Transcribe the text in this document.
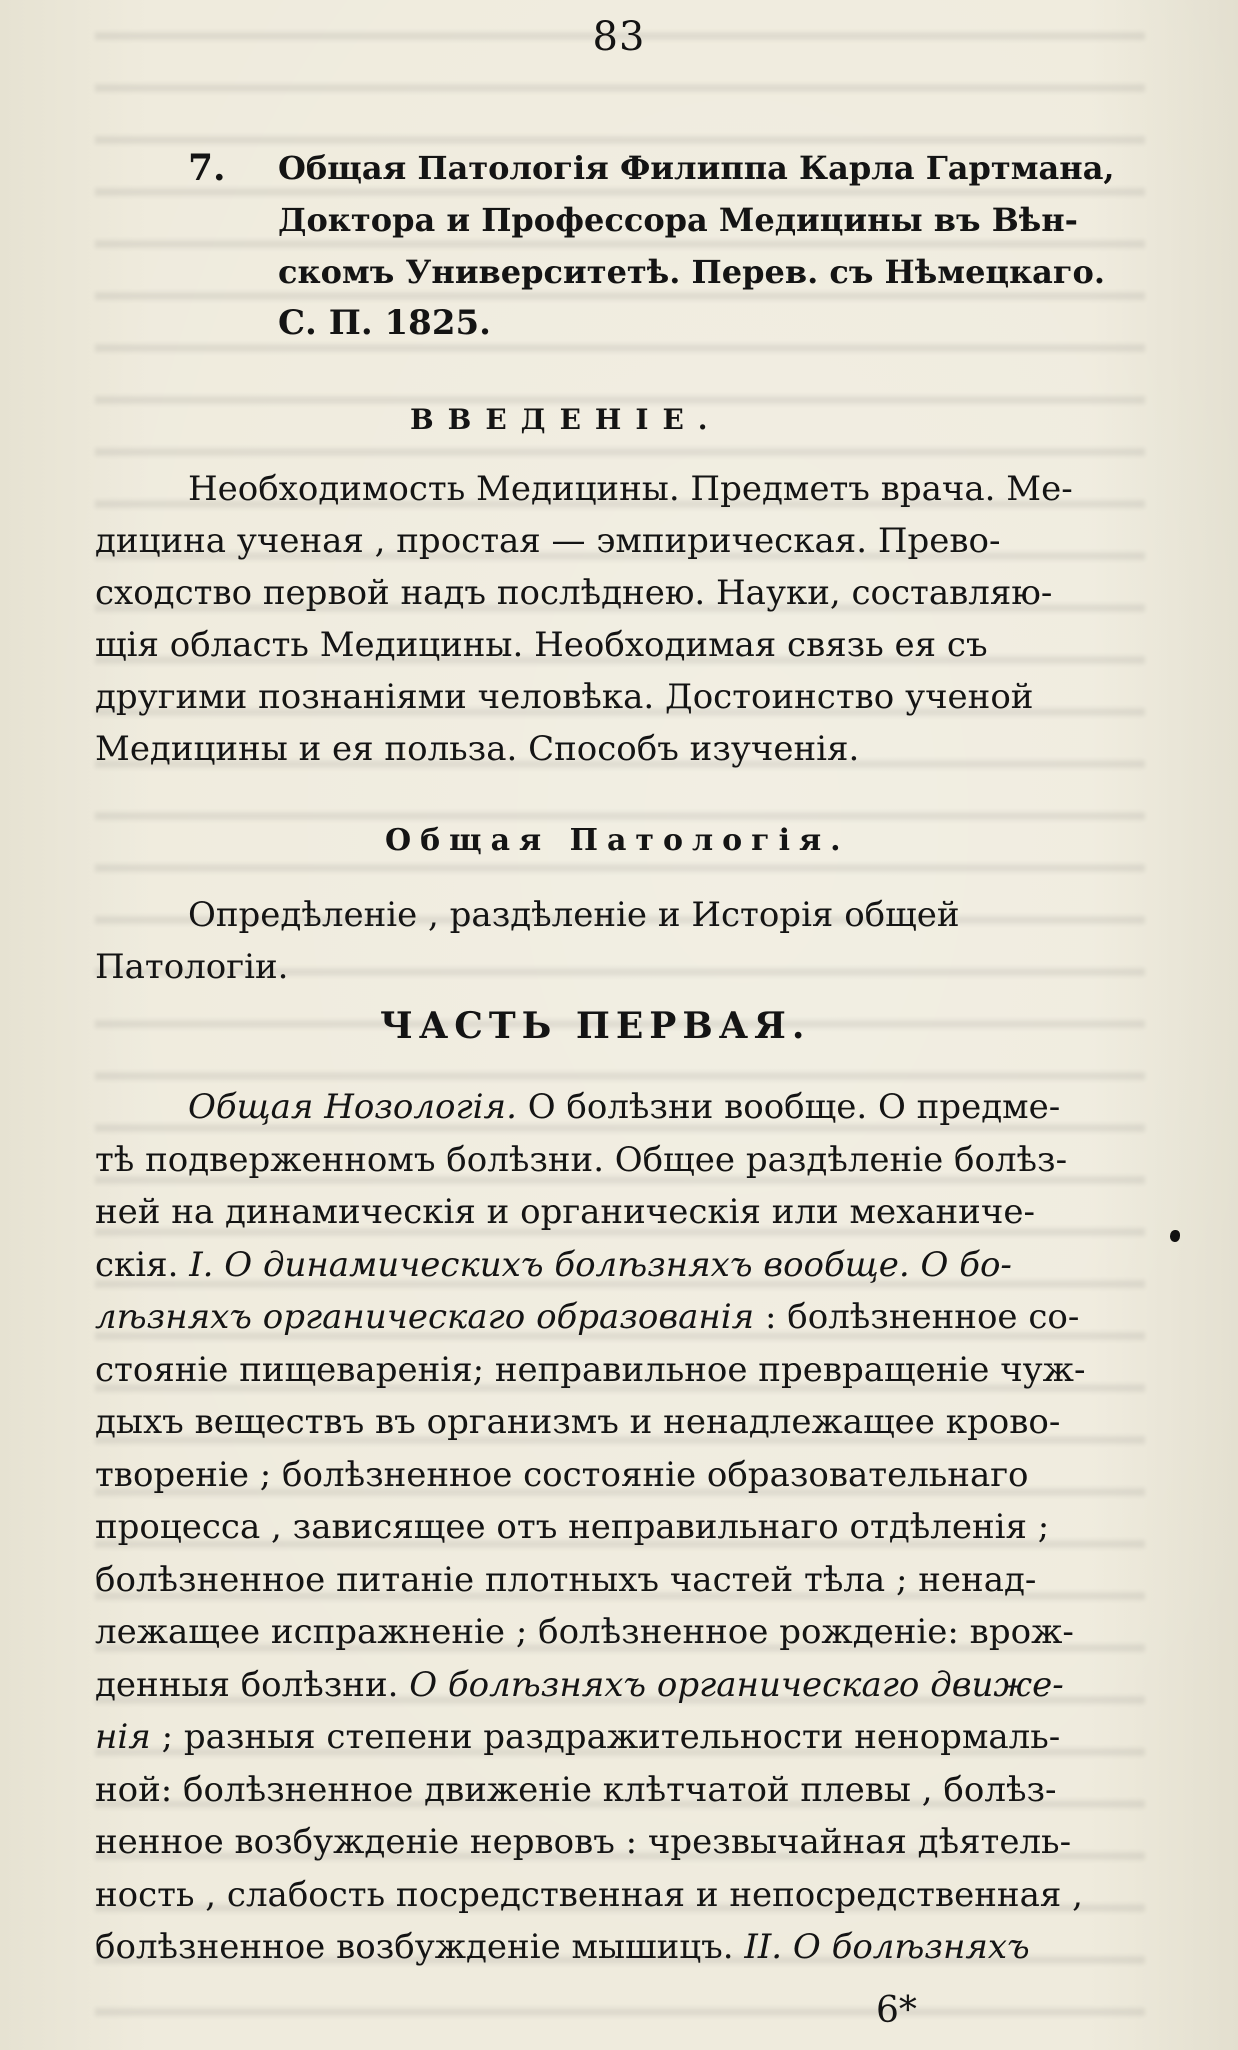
83
7. Общая Патологія Филиппа Карла Гартмана,
Доктора и Профессора Медицины въ Вѣн-
скомъ Университетѣ. Перев. съ Нѣмецкаго.
С. П. 1825.
ВВЕДЕНІЕ.
Необходимость Медицины. Предметъ врача. Ме-
дицина ученая , простая — эмпирическая. Прево-
сходство первой надъ послѣднею. Науки, составляю-
щія область Медицины. Необходимая связь ея съ
другими познаніями человѣка. Достоинство ученой
Медицины и ея польза. Способъ изученія.
Общая Патологія.
Опредѣленіе , раздѣленіе и Исторія общей
Патологіи.
ЧАСТЬ ПЕРВАЯ.
Общая Нозологія. О болѣзни вообще. О предме-
тѣ подверженномъ болѣзни. Общее раздѣленіе болѣз-
ней на динамическія и органическія или механиче-
скія. I. О динамическихъ болѣзняхъ вообще. О бо-
лѣзняхъ органическаго образованія : болѣзненное со-
стояніе пищеваренія; неправильное превращеніе чуж-
дыхъ веществъ въ организмъ и ненадлежащее крово-
твореніе ; болѣзненное состояніе образовательнаго
процесса , зависящее отъ неправильнаго отдѣленія ;
болѣзненное питаніе плотныхъ частей тѣла ; ненад-
лежащее испражненіе ; болѣзненное рожденіе: врож-
денныя болѣзни. О болѣзняхъ органическаго движе-
нія ; разныя степени раздражительности ненормаль-
ной: болѣзненное движеніе клѣтчатой плевы , болѣз-
ненное возбужденіе нервовъ : чрезвычайная дѣятель-
ность , слабость посредственная и непосредственная ,
болѣзненное возбужденіе мышицъ. II. О болѣзняхъ
6*
